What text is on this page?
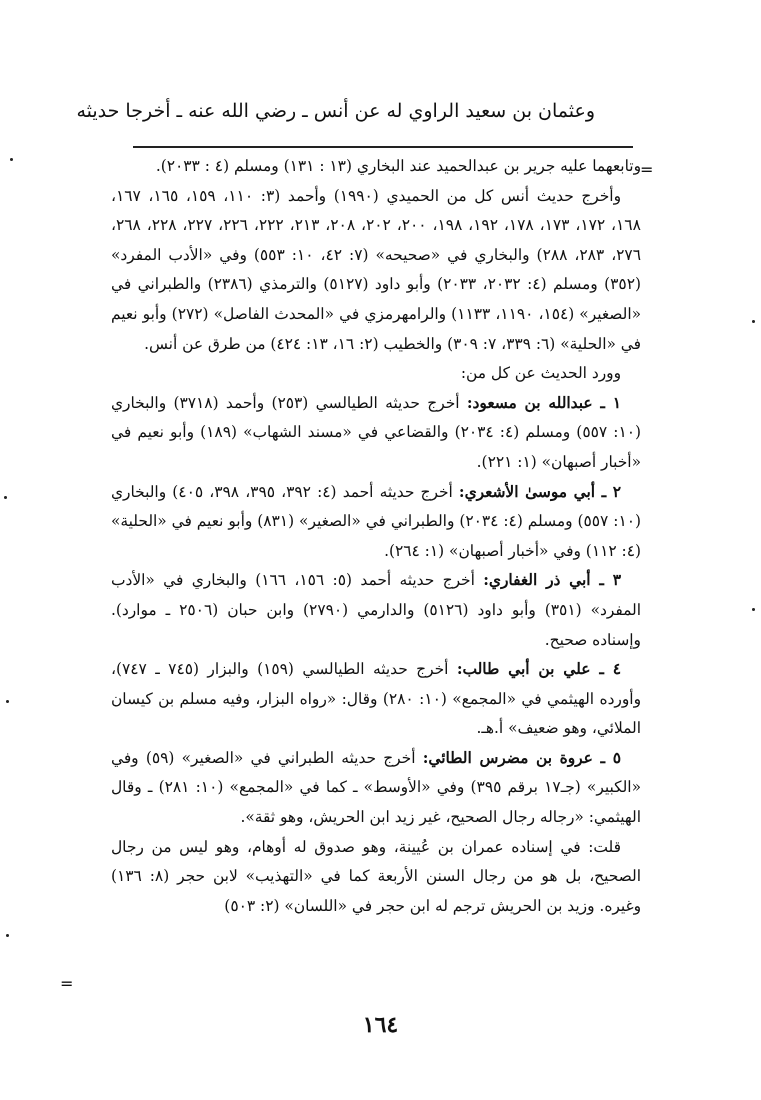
وعثمان بن سعيد الراوي له عن أنس ـ رضي الله عنه ـ أخرجا حديثه
=

وتابعهما عليه جرير بن عبدالحميد عند البخاري (١٣ : ١٣١) ومسلم (٤ : ٢٠٣٣).

وأخرج حديث أنس كل من الحميدي (١٩٩٠) وأحمد (٣: ١١٠، ١٥٩، ١٦٥، ١٦٧، ١٦٨، ١٧٢، ١٧٣، ١٧٨، ١٩٢، ١٩٨، ٢٠٠، ٢٠٢، ٢٠٨، ٢١٣، ٢٢٢، ٢٢٦، ٢٢٧، ٢٢٨، ٢٦٨، ٢٧٦، ٢٨٣، ٢٨٨) والبخاري في «صحيحه» (٧: ٤٢، ١٠: ٥٥٣) وفي «الأدب المفرد» (٣٥٢) ومسلم (٤: ٢٠٣٢، ٢٠٣٣) وأبو داود (٥١٢٧) والترمذي (٢٣٨٦) والطبراني في «الصغير» (١٥٤، ١١٩٠، ١١٣٣) والرامهرمزي في «المحدث الفاصل» (٢٧٢) وأبو نعيم في «الحلية» (٦: ٣٣٩، ٧: ٣٠٩) والخطيب (٢: ١٦، ١٣: ٤٢٤) من طرق عن أنس.

وورد الحديث عن كل من:

١ ـ عبدالله بن مسعود: أخرج حديثه الطيالسي (٢٥٣) وأحمد (٣٧١٨) والبخاري (١٠: ٥٥٧) ومسلم (٤: ٢٠٣٤) والقضاعي في «مسند الشهاب» (١٨٩) وأبو نعيم في «أخبار أصبهان» (١: ٢٢١).

٢ ـ أبي موسىٰ الأشعري: أخرج حديثه أحمد (٤: ٣٩٢، ٣٩٥، ٣٩٨، ٤٠٥) والبخاري (١٠: ٥٥٧) ومسلم (٤: ٢٠٣٤) والطبراني في «الصغير» (٨٣١) وأبو نعيم في «الحلية» (٤: ١١٢) وفي «أخبار أصبهان» (١: ٢٦٤).

٣ ـ أبي ذر الغفاري: أخرج حديثه أحمد (٥: ١٥٦، ١٦٦) والبخاري في «الأدب المفرد» (٣٥١) وأبو داود (٥١٢٦) والدارمي (٢٧٩٠) وابن حبان (٢٥٠٦ ـ موارد). وإسناده صحيح.

٤ ـ علي بن أبي طالب: أخرج حديثه الطيالسي (١٥٩) والبزار (٧٤٥ ـ ٧٤٧)، وأورده الهيثمي في «المجمع» (١٠: ٢٨٠) وقال: «رواه البزار، وفيه مسلم بن كيسان الملائي، وهو ضعيف» أ.هـ.

٥ ـ عروة بن مضرس الطائي: أخرج حديثه الطبراني في «الصغير» (٥٩) وفي «الكبير» (جـ١٧ برقم ٣٩٥) وفي «الأوسط» ـ كما في «المجمع» (١٠: ٢٨١) ـ وقال الهيثمي: «رجاله رجال الصحيح، غير زيد ابن الحريش، وهو ثقة».

قلت: في إسناده عمران بن عُيينة، وهو صدوق له أوهام، وهو ليس من رجال الصحيح، بل هو من رجال السنن الأربعة كما في «التهذيب» لابن حجر (٨: ١٣٦) وغيره. وزيد بن الحريش ترجم له ابن حجر في «اللسان» (٢: ٥٠٣)

=
١٦٤
